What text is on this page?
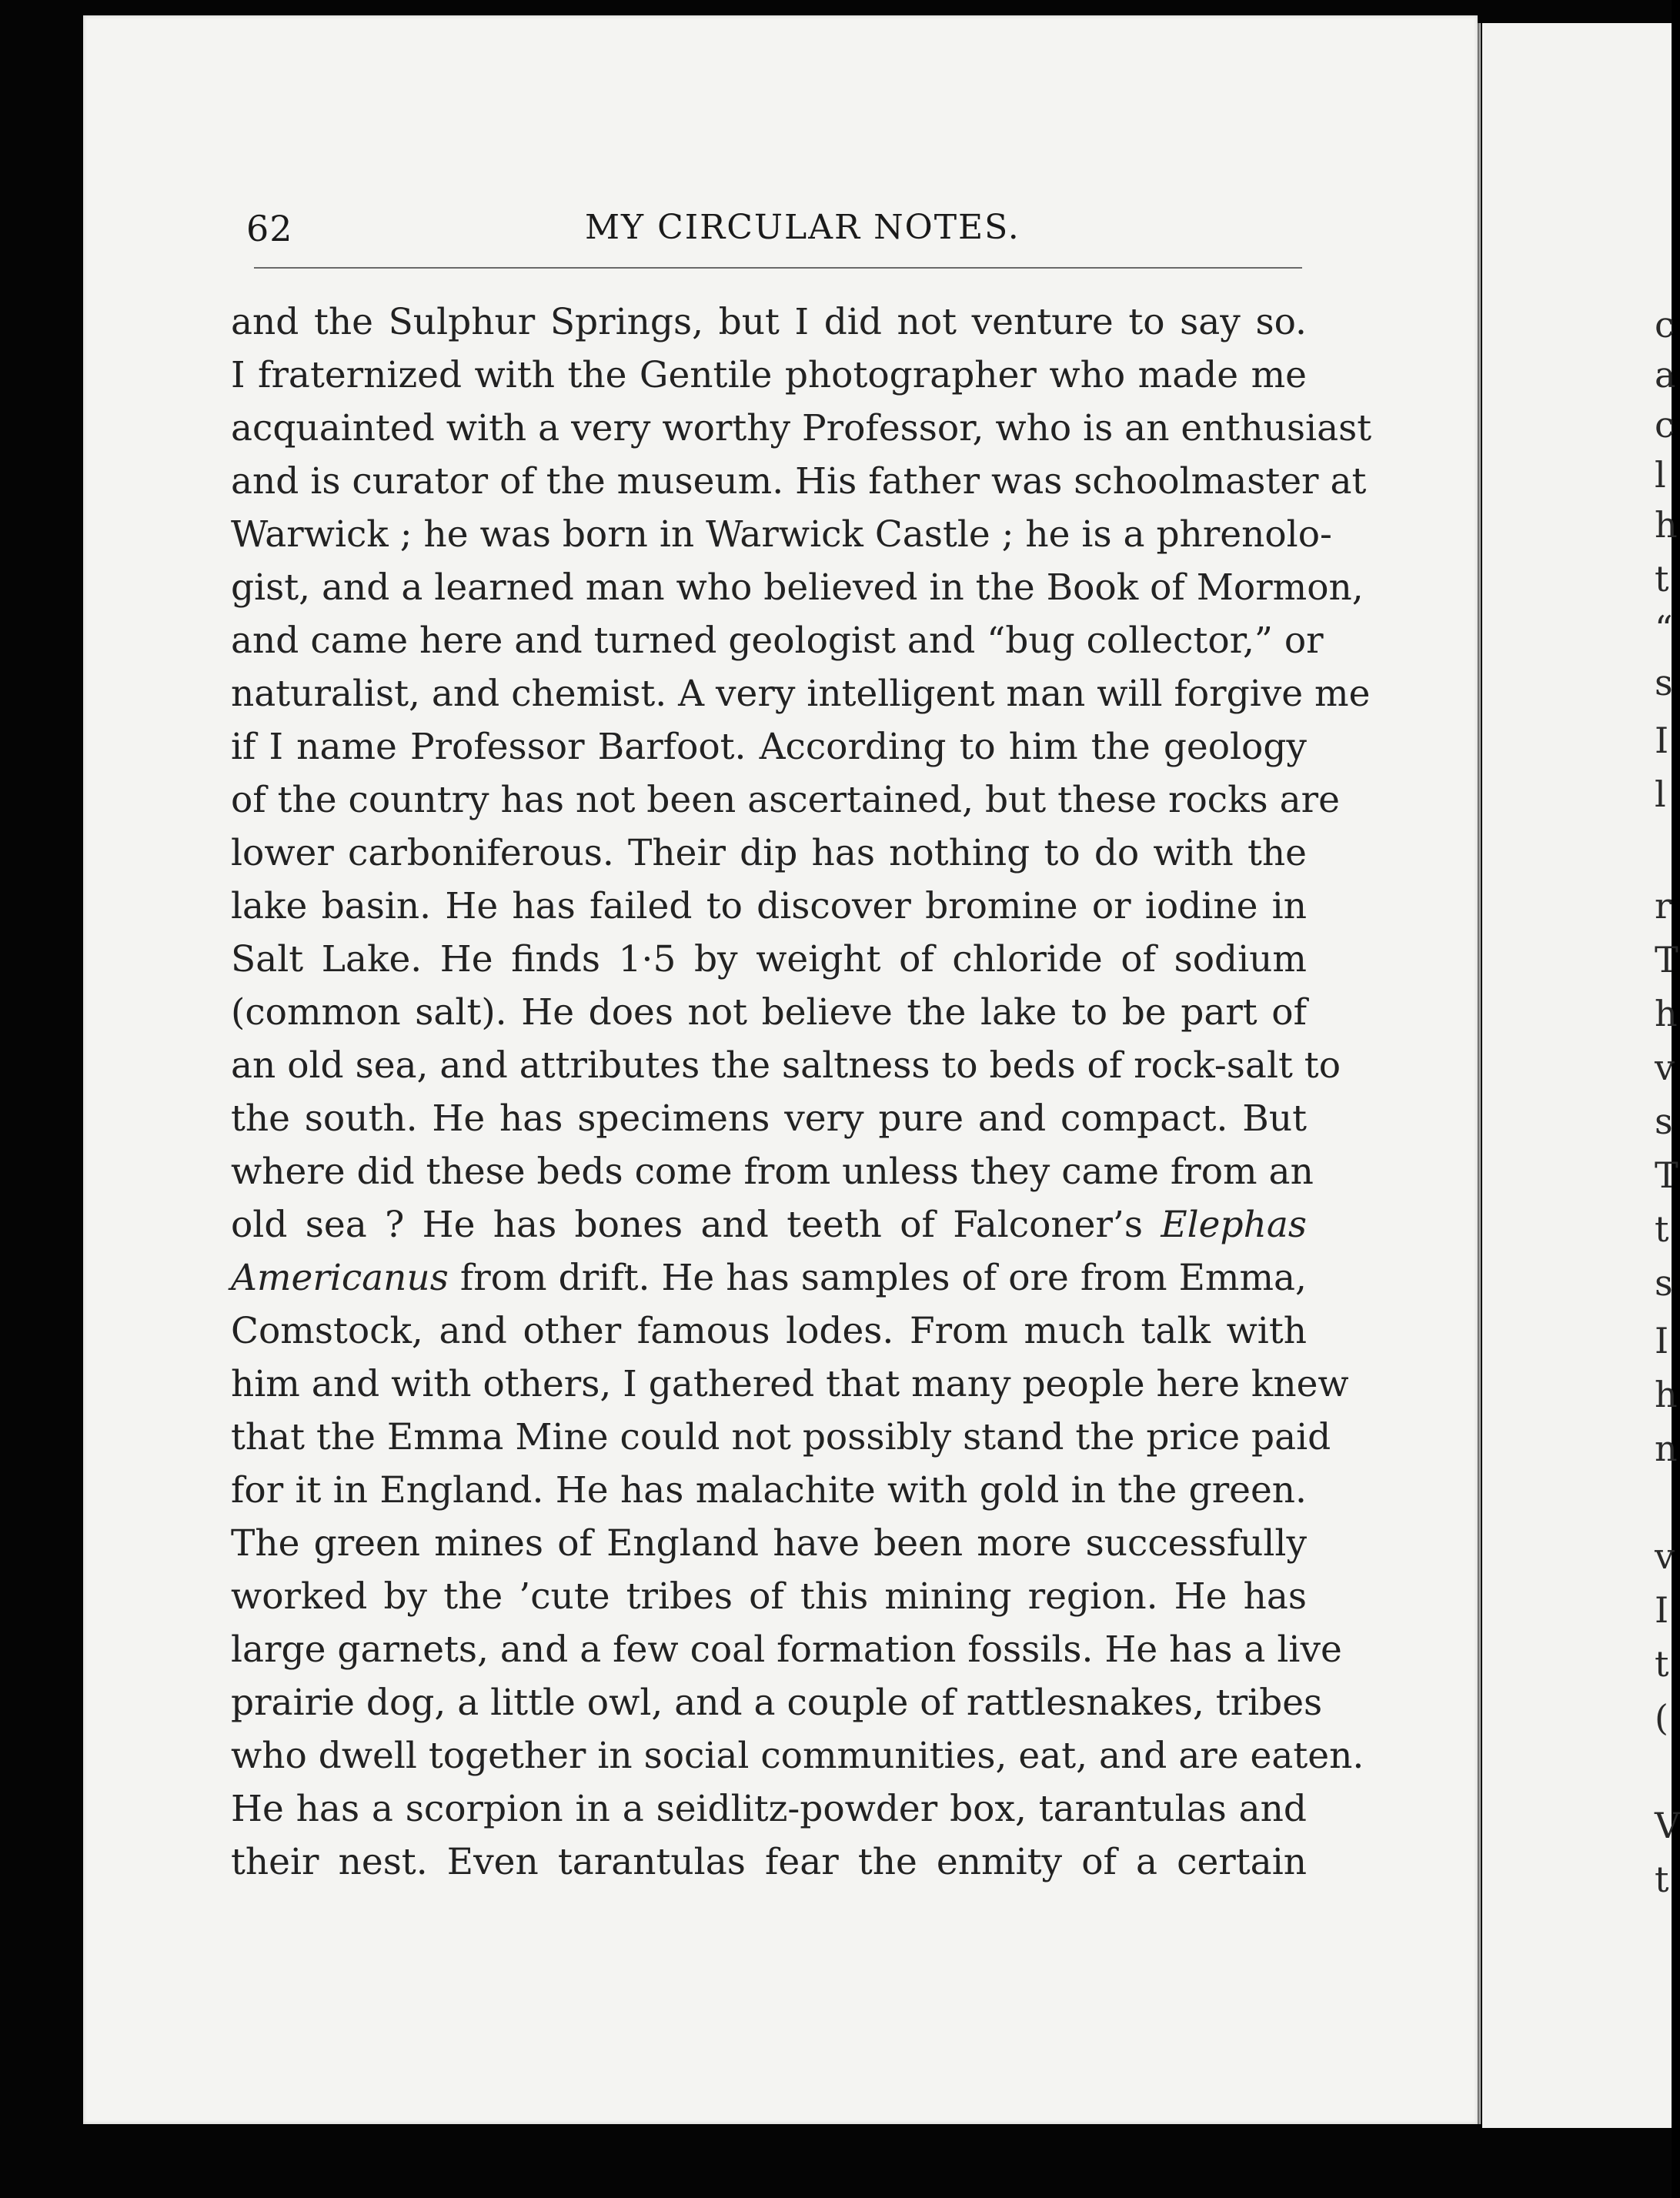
62	MY CIRCULAR NOTES.
and the Sulphur Springs, but I did not venture to say so.
I fraternized with the Gentile photographer who made me
acquainted with a very worthy Professor, who is an enthusiast
and is curator of the museum. His father was schoolmaster at
Warwick ; he was born in Warwick Castle ; he is a phrenolo-
gist, and a learned man who believed in the Book of Mormon,
and came here and turned geologist and “bug collector,” or
naturalist, and chemist. A very intelligent man will forgive me
if I name Professor Barfoot. According to him the geology
of the country has not been ascertained, but these rocks are
lower carboniferous. Their dip has nothing to do with the
lake basin. He has failed to discover bromine or iodine in
Salt Lake. He finds 1·5 by weight of chloride of sodium
(common salt). He does not believe the lake to be part of
an old sea, and attributes the saltness to beds of rock-salt to
the south. He has specimens very pure and compact. But
where did these beds come from unless they came from an
old sea ? He has bones and teeth of Falconer’s Elephas
Americanus from drift. He has samples of ore from Emma,
Comstock, and other famous lodes. From much talk with
him and with others, I gathered that many people here knew
that the Emma Mine could not possibly stand the price paid
for it in England. He has malachite with gold in the green.
The green mines of England have been more successfully
worked by the ’cute tribes of this mining region. He has
large garnets, and a few coal formation fossils. He has a live
prairie dog, a little owl, and a couple of rattlesnakes, tribes
who dwell together in social communities, eat, and are eaten.
He has a scorpion in a seidlitz-powder box, tarantulas and
their nest. Even tarantulas fear the enmity of a certain
c
a
c
l
h
t
“
s
I
l
r
T
h
v
s
T
t
s
I
h
n
v
I
t
(
V
t
